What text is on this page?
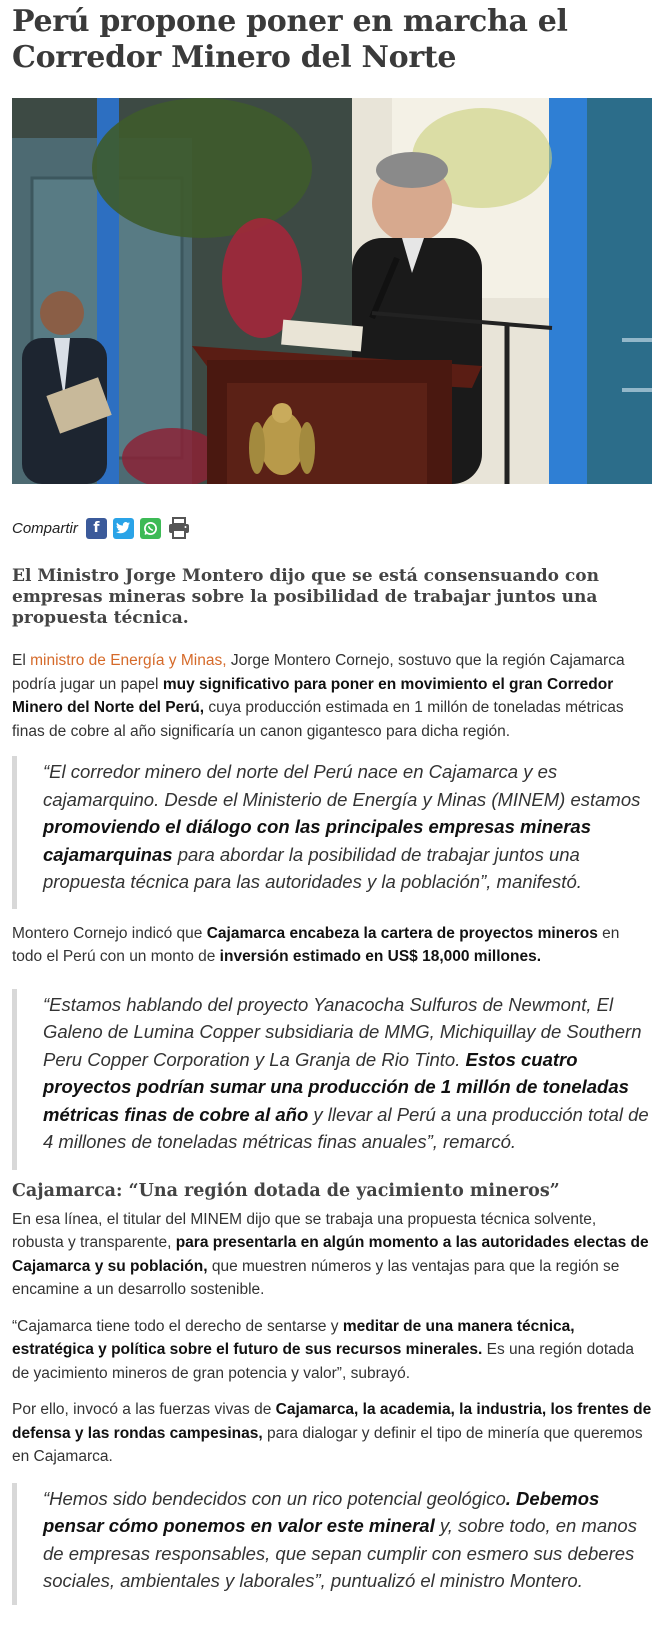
Perú propone poner en marcha el
Corredor Minero del Norte
Compartir	f

El Ministro Jorge Montero dijo que se está consensuando con empresas mineras sobre la posibilidad de trabajar juntos una propuesta técnica.

El ministro de Energía y Minas, Jorge Montero Cornejo, sostuvo que la región Cajamarca podría jugar un papel muy significativo para poner en movimiento el gran Corredor Minero del Norte del Perú, cuya producción estimada en 1 millón de toneladas métricas finas de cobre al año significaría un canon gigantesco para dicha región.

“El corredor minero del norte del Perú nace en Cajamarca y es cajamarquino. Desde el Ministerio de Energía y Minas (MINEM) estamos promoviendo el diálogo con las principales empresas mineras cajamarquinas para abordar la posibilidad de trabajar juntos una propuesta técnica para las autoridades y la población”, manifestó.

Montero Cornejo indicó que Cajamarca encabeza la cartera de proyectos mineros en todo el Perú con un monto de inversión estimado en US$ 18,000 millones.

“Estamos hablando del proyecto Yanacocha Sulfuros de Newmont, El Galeno de Lumina Copper subsidiaria de MMG, Michiquillay de Southern Peru Copper Corporation y La Granja de Rio Tinto. Estos cuatro proyectos podrían sumar una producción de 1 millón de toneladas métricas finas de cobre al año y llevar al Perú a una producción total de 4 millones de toneladas métricas finas anuales”, remarcó.
Cajamarca: “Una región dotada de yacimiento mineros”

En esa línea, el titular del MINEM dijo que se trabaja una propuesta técnica solvente, robusta y transparente, para presentarla en algún momento a las autoridades electas de Cajamarca y su población, que muestren números y las ventajas para que la región se encamine a un desarrollo sostenible.

“Cajamarca tiene todo el derecho de sentarse y meditar de una manera técnica, estratégica y política sobre el futuro de sus recursos minerales. Es una región dotada de yacimiento mineros de gran potencia y valor”, subrayó.

Por ello, invocó a las fuerzas vivas de Cajamarca, la academia, la industria, los frentes de defensa y las rondas campesinas, para dialogar y definir el tipo de minería que queremos en Cajamarca.

“Hemos sido bendecidos con un rico potencial geológico. Debemos pensar cómo ponemos en valor este mineral y, sobre todo, en manos de empresas responsables, que sepan cumplir con esmero sus deberes sociales, ambientales y laborales”, puntualizó el ministro Montero.
